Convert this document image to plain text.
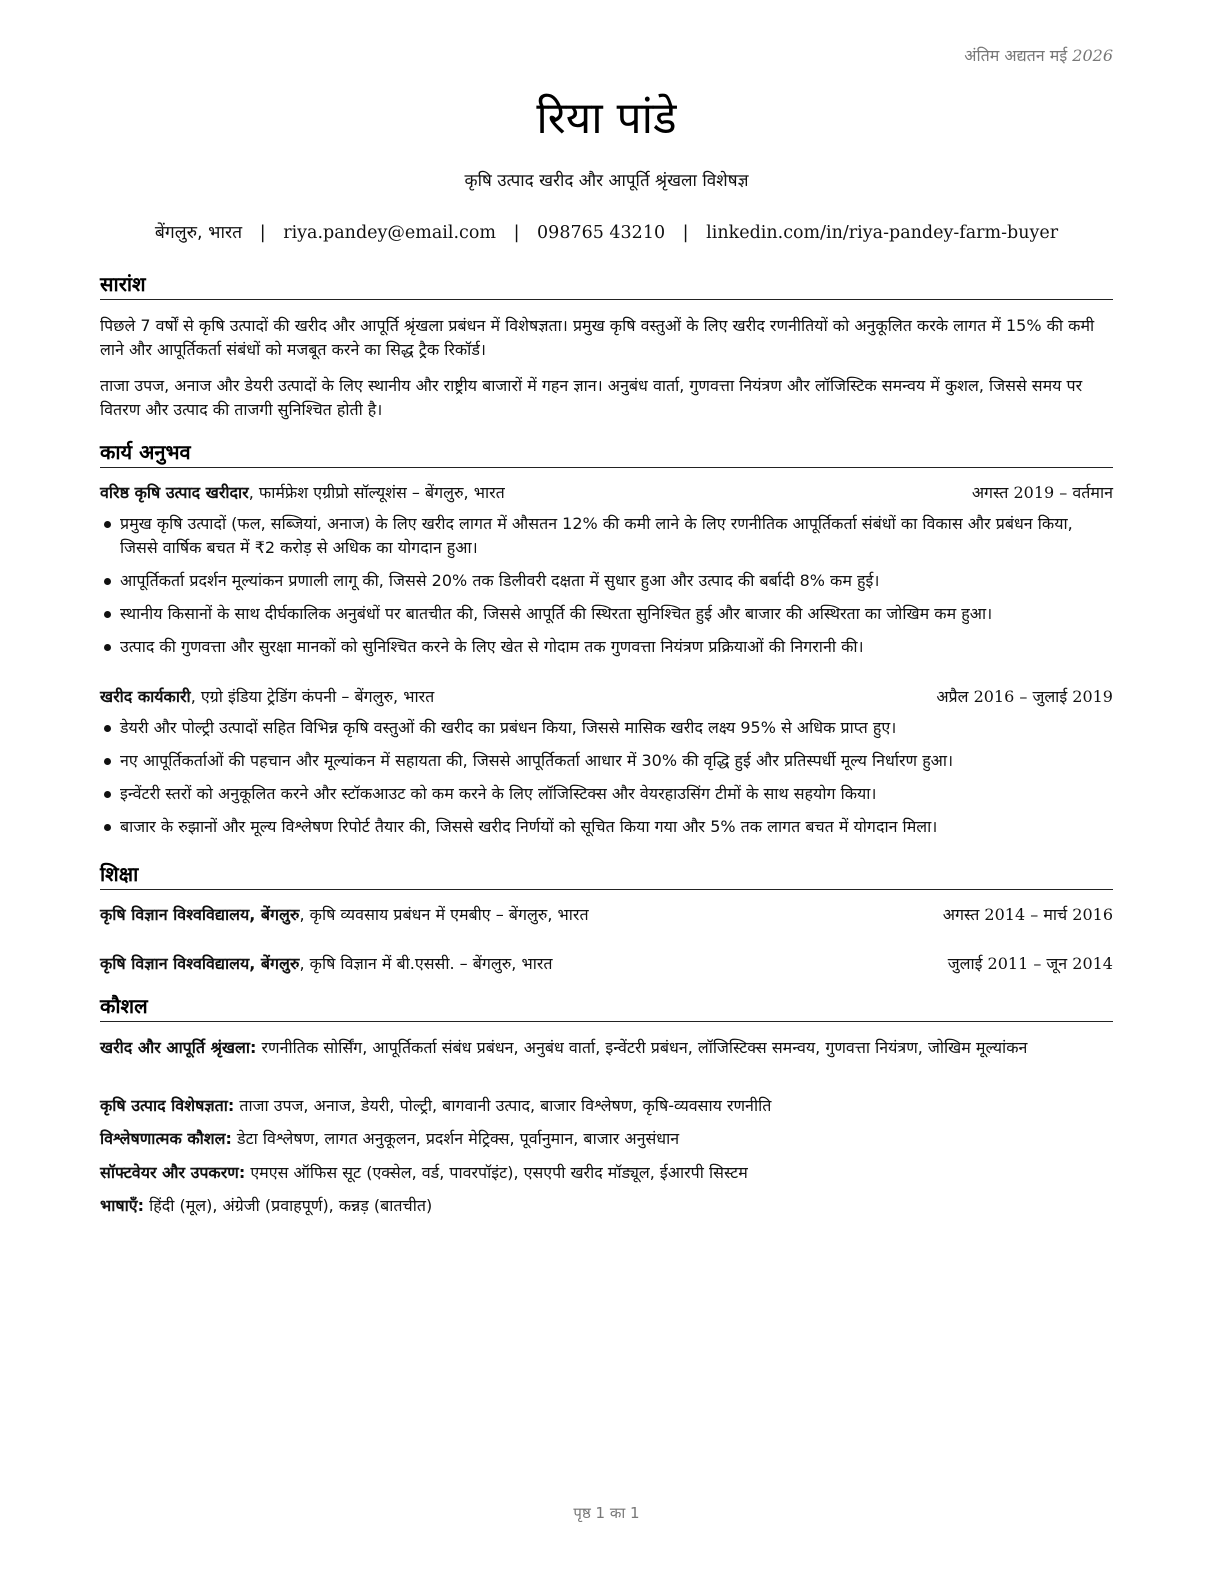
अंतिम अद्यतन मई 2026
रिया पांडे

कृषि उत्पाद खरीद और आपूर्ति श्रृंखला विशेषज्ञ

बेंगलुरु, भारत | riya.pandey@email.com | 098765 43210 | linkedin.com/in/riya-pandey-farm-buyer
सारांश

पिछले 7 वर्षों से कृषि उत्पादों की खरीद और आपूर्ति श्रृंखला प्रबंधन में विशेषज्ञता। प्रमुख कृषि वस्तुओं के लिए खरीद रणनीतियों को अनुकूलित करके लागत में 15% की कमी लाने और आपूर्तिकर्ता संबंधों को मजबूत करने का सिद्ध ट्रैक रिकॉर्ड।

ताजा उपज, अनाज और डेयरी उत्पादों के लिए स्थानीय और राष्ट्रीय बाजारों में गहन ज्ञान। अनुबंध वार्ता, गुणवत्ता नियंत्रण और लॉजिस्टिक समन्वय में कुशल, जिससे समय पर वितरण और उत्पाद की ताजगी सुनिश्चित होती है।

कार्य अनुभव
वरिष्ठ कृषि उत्पाद खरीदार, फार्मफ्रेश एग्रीप्रो सॉल्यूशंस – बेंगलुरु, भारत	अगस्त 2019 – वर्तमान
प्रमुख कृषि उत्पादों (फल, सब्जियां, अनाज) के लिए खरीद लागत में औसतन 12% की कमी लाने के लिए रणनीतिक आपूर्तिकर्ता संबंधों का विकास और प्रबंधन किया, जिससे वार्षिक बचत में ₹2 करोड़ से अधिक का योगदान हुआ।
आपूर्तिकर्ता प्रदर्शन मूल्यांकन प्रणाली लागू की, जिससे 20% तक डिलीवरी दक्षता में सुधार हुआ और उत्पाद की बर्बादी 8% कम हुई।
स्थानीय किसानों के साथ दीर्घकालिक अनुबंधों पर बातचीत की, जिससे आपूर्ति की स्थिरता सुनिश्चित हुई और बाजार की अस्थिरता का जोखिम कम हुआ।
उत्पाद की गुणवत्ता और सुरक्षा मानकों को सुनिश्चित करने के लिए खेत से गोदाम तक गुणवत्ता नियंत्रण प्रक्रियाओं की निगरानी की।
खरीद कार्यकारी, एग्रो इंडिया ट्रेडिंग कंपनी – बेंगलुरु, भारत	अप्रैल 2016 – जुलाई 2019
डेयरी और पोल्ट्री उत्पादों सहित विभिन्न कृषि वस्तुओं की खरीद का प्रबंधन किया, जिससे मासिक खरीद लक्ष्य 95% से अधिक प्राप्त हुए।
नए आपूर्तिकर्ताओं की पहचान और मूल्यांकन में सहायता की, जिससे आपूर्तिकर्ता आधार में 30% की वृद्धि हुई और प्रतिस्पर्धी मूल्य निर्धारण हुआ।
इन्वेंटरी स्तरों को अनुकूलित करने और स्टॉकआउट को कम करने के लिए लॉजिस्टिक्स और वेयरहाउसिंग टीमों के साथ सहयोग किया।
बाजार के रुझानों और मूल्य विश्लेषण रिपोर्ट तैयार की, जिससे खरीद निर्णयों को सूचित किया गया और 5% तक लागत बचत में योगदान मिला।
शिक्षा
कृषि विज्ञान विश्वविद्यालय, बेंगलुरु, कृषि व्यवसाय प्रबंधन में एमबीए – बेंगलुरु, भारत	अगस्त 2014 – मार्च 2016
कृषि विज्ञान विश्वविद्यालय, बेंगलुरु, कृषि विज्ञान में बी.एससी. – बेंगलुरु, भारत	जुलाई 2011 – जून 2014
कौशल

खरीद और आपूर्ति श्रृंखला: रणनीतिक सोर्सिंग, आपूर्तिकर्ता संबंध प्रबंधन, अनुबंध वार्ता, इन्वेंटरी प्रबंधन, लॉजिस्टिक्स समन्वय, गुणवत्ता नियंत्रण, जोखिम मूल्यांकन

कृषि उत्पाद विशेषज्ञता: ताजा उपज, अनाज, डेयरी, पोल्ट्री, बागवानी उत्पाद, बाजार विश्लेषण, कृषि-व्यवसाय रणनीति

विश्लेषणात्मक कौशल: डेटा विश्लेषण, लागत अनुकूलन, प्रदर्शन मेट्रिक्स, पूर्वानुमान, बाजार अनुसंधान

सॉफ्टवेयर और उपकरण: एमएस ऑफिस सूट (एक्सेल, वर्ड, पावरपॉइंट), एसएपी खरीद मॉड्यूल, ईआरपी सिस्टम

भाषाएँ: हिंदी (मूल), अंग्रेजी (प्रवाहपूर्ण), कन्नड़ (बातचीत)

पृष्ठ 1 का 1
